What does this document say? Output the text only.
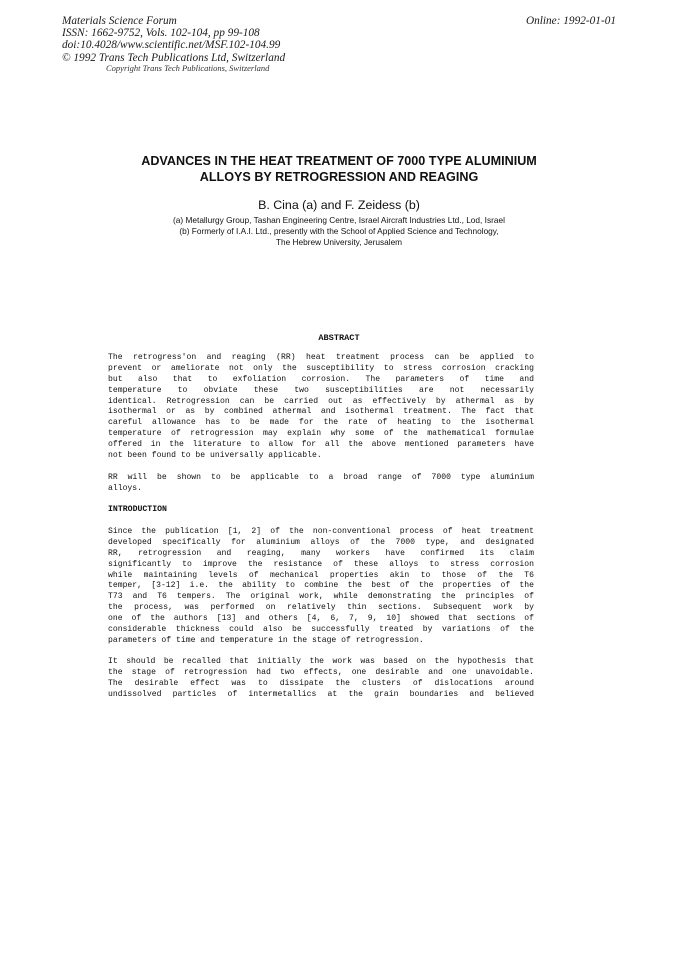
Materials Science Forum
ISSN: 1662-9752, Vols. 102-104, pp 99-108
doi:10.4028/www.scientific.net/MSF.102-104.99
© 1992 Trans Tech Publications Ltd, Switzerland
Online: 1992-01-01
Copyright Trans Tech Publications, Switzerland
ADVANCES IN THE HEAT TREATMENT OF 7000 TYPE ALUMINIUM
ALLOYS BY RETROGRESSION AND REAGING
B. Cina (a) and F. Zeidess (b)
(a) Metallurgy Group, Tashan Engineering Centre, Israel Aircraft Industries Ltd., Lod, Israel
(b) Formerly of I.A.I. Ltd., presently with the School of Applied Science and Technology,
The Hebrew University, Jerusalem
ABSTRACT
The retrogress'on and reaging (RR) heat treatment process can be applied to
prevent or ameliorate not only the susceptibility to stress corrosion cracking
but also that to exfoliation corrosion. The parameters of time and
temperature to obviate these two susceptibilities are not necessarily
identical. Retrogression can be carried out as effectively by athermal as by
isothermal or as by combined athermal and isothermal treatment. The fact that
careful allowance has to be made for the rate of heating to the isothermal
temperature of retrogression may explain why some of the mathematical formulae
offered in the literature to allow for all the above mentioned parameters have
not been found to be universally applicable.
RR will be shown to be applicable to a broad range of 7000 type aluminium
alloys.
INTRODUCTION
Since the publication [1, 2] of the non-conventional process of heat treatment
developed specifically for aluminium alloys of the 7000 type, and designated
RR, retrogression and reaging, many workers have confirmed its claim
significantly to improve the resistance of these alloys to stress corrosion
while maintaining levels of mechanical properties akin to those of the T6
temper, [3-12] i.e. the ability to combine the best of the properties of the
T73 and T6 tempers. The original work, while demonstrating the principles of
the process, was performed on relatively thin sections. Subsequent work by
one of the authors [13] and others [4, 6, 7, 9, 10] showed that sections of
considerable thickness could also be successfully treated by variations of the
parameters of time and temperature in the stage of retrogression.
It should be recalled that initially the work was based on the hypothesis that
the stage of retrogression had two effects, one desirable and one unavoidable.
The desirable effect was to dissipate the clusters of dislocations around
undissolved particles of intermetallics at the grain boundaries and believed
